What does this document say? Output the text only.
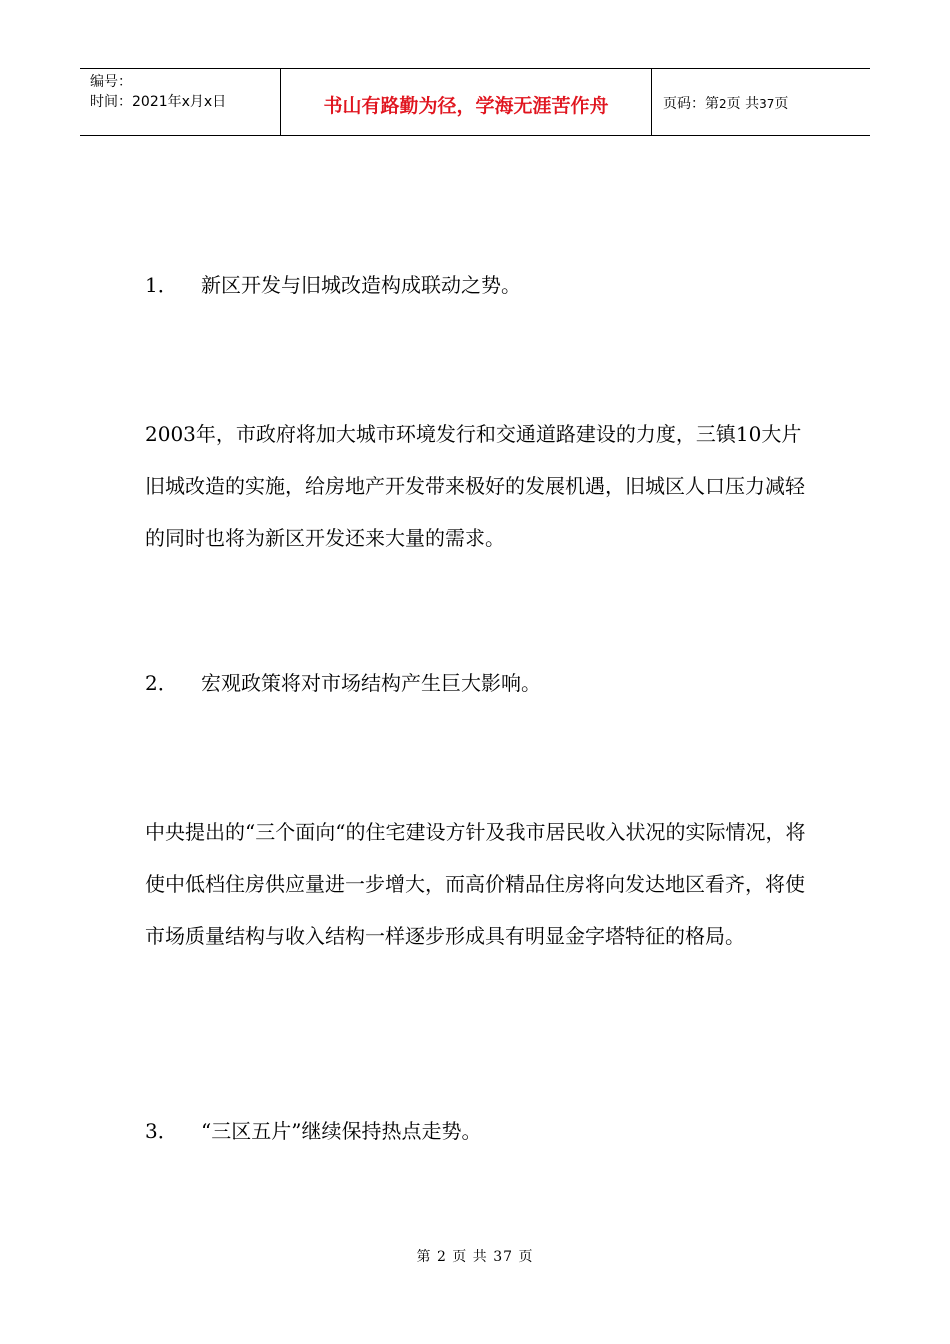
编号：
时间：2021年x月x日	书山有路勤为径，学海无涯苦作舟	页码：第2页 共37页

1． 新区开发与旧城改造构成联动之势。

2003年，市政府将加大城市环境发行和交通道路建设的力度，三镇10大片旧城改造的实施，给房地产开发带来极好的发展机遇，旧城区人口压力减轻的同时也将为新区开发还来大量的需求。

2． 宏观政策将对市场结构产生巨大影响。

中央提出的“三个面向“的住宅建设方针及我市居民收入状况的实际情况，将使中低档住房供应量进一步增大，而高价精品住房将向发达地区看齐，将使市场质量结构与收入结构一样逐步形成具有明显金字塔特征的格局。

3． “三区五片”继续保持热点走势。

第 2 页 共 37 页
